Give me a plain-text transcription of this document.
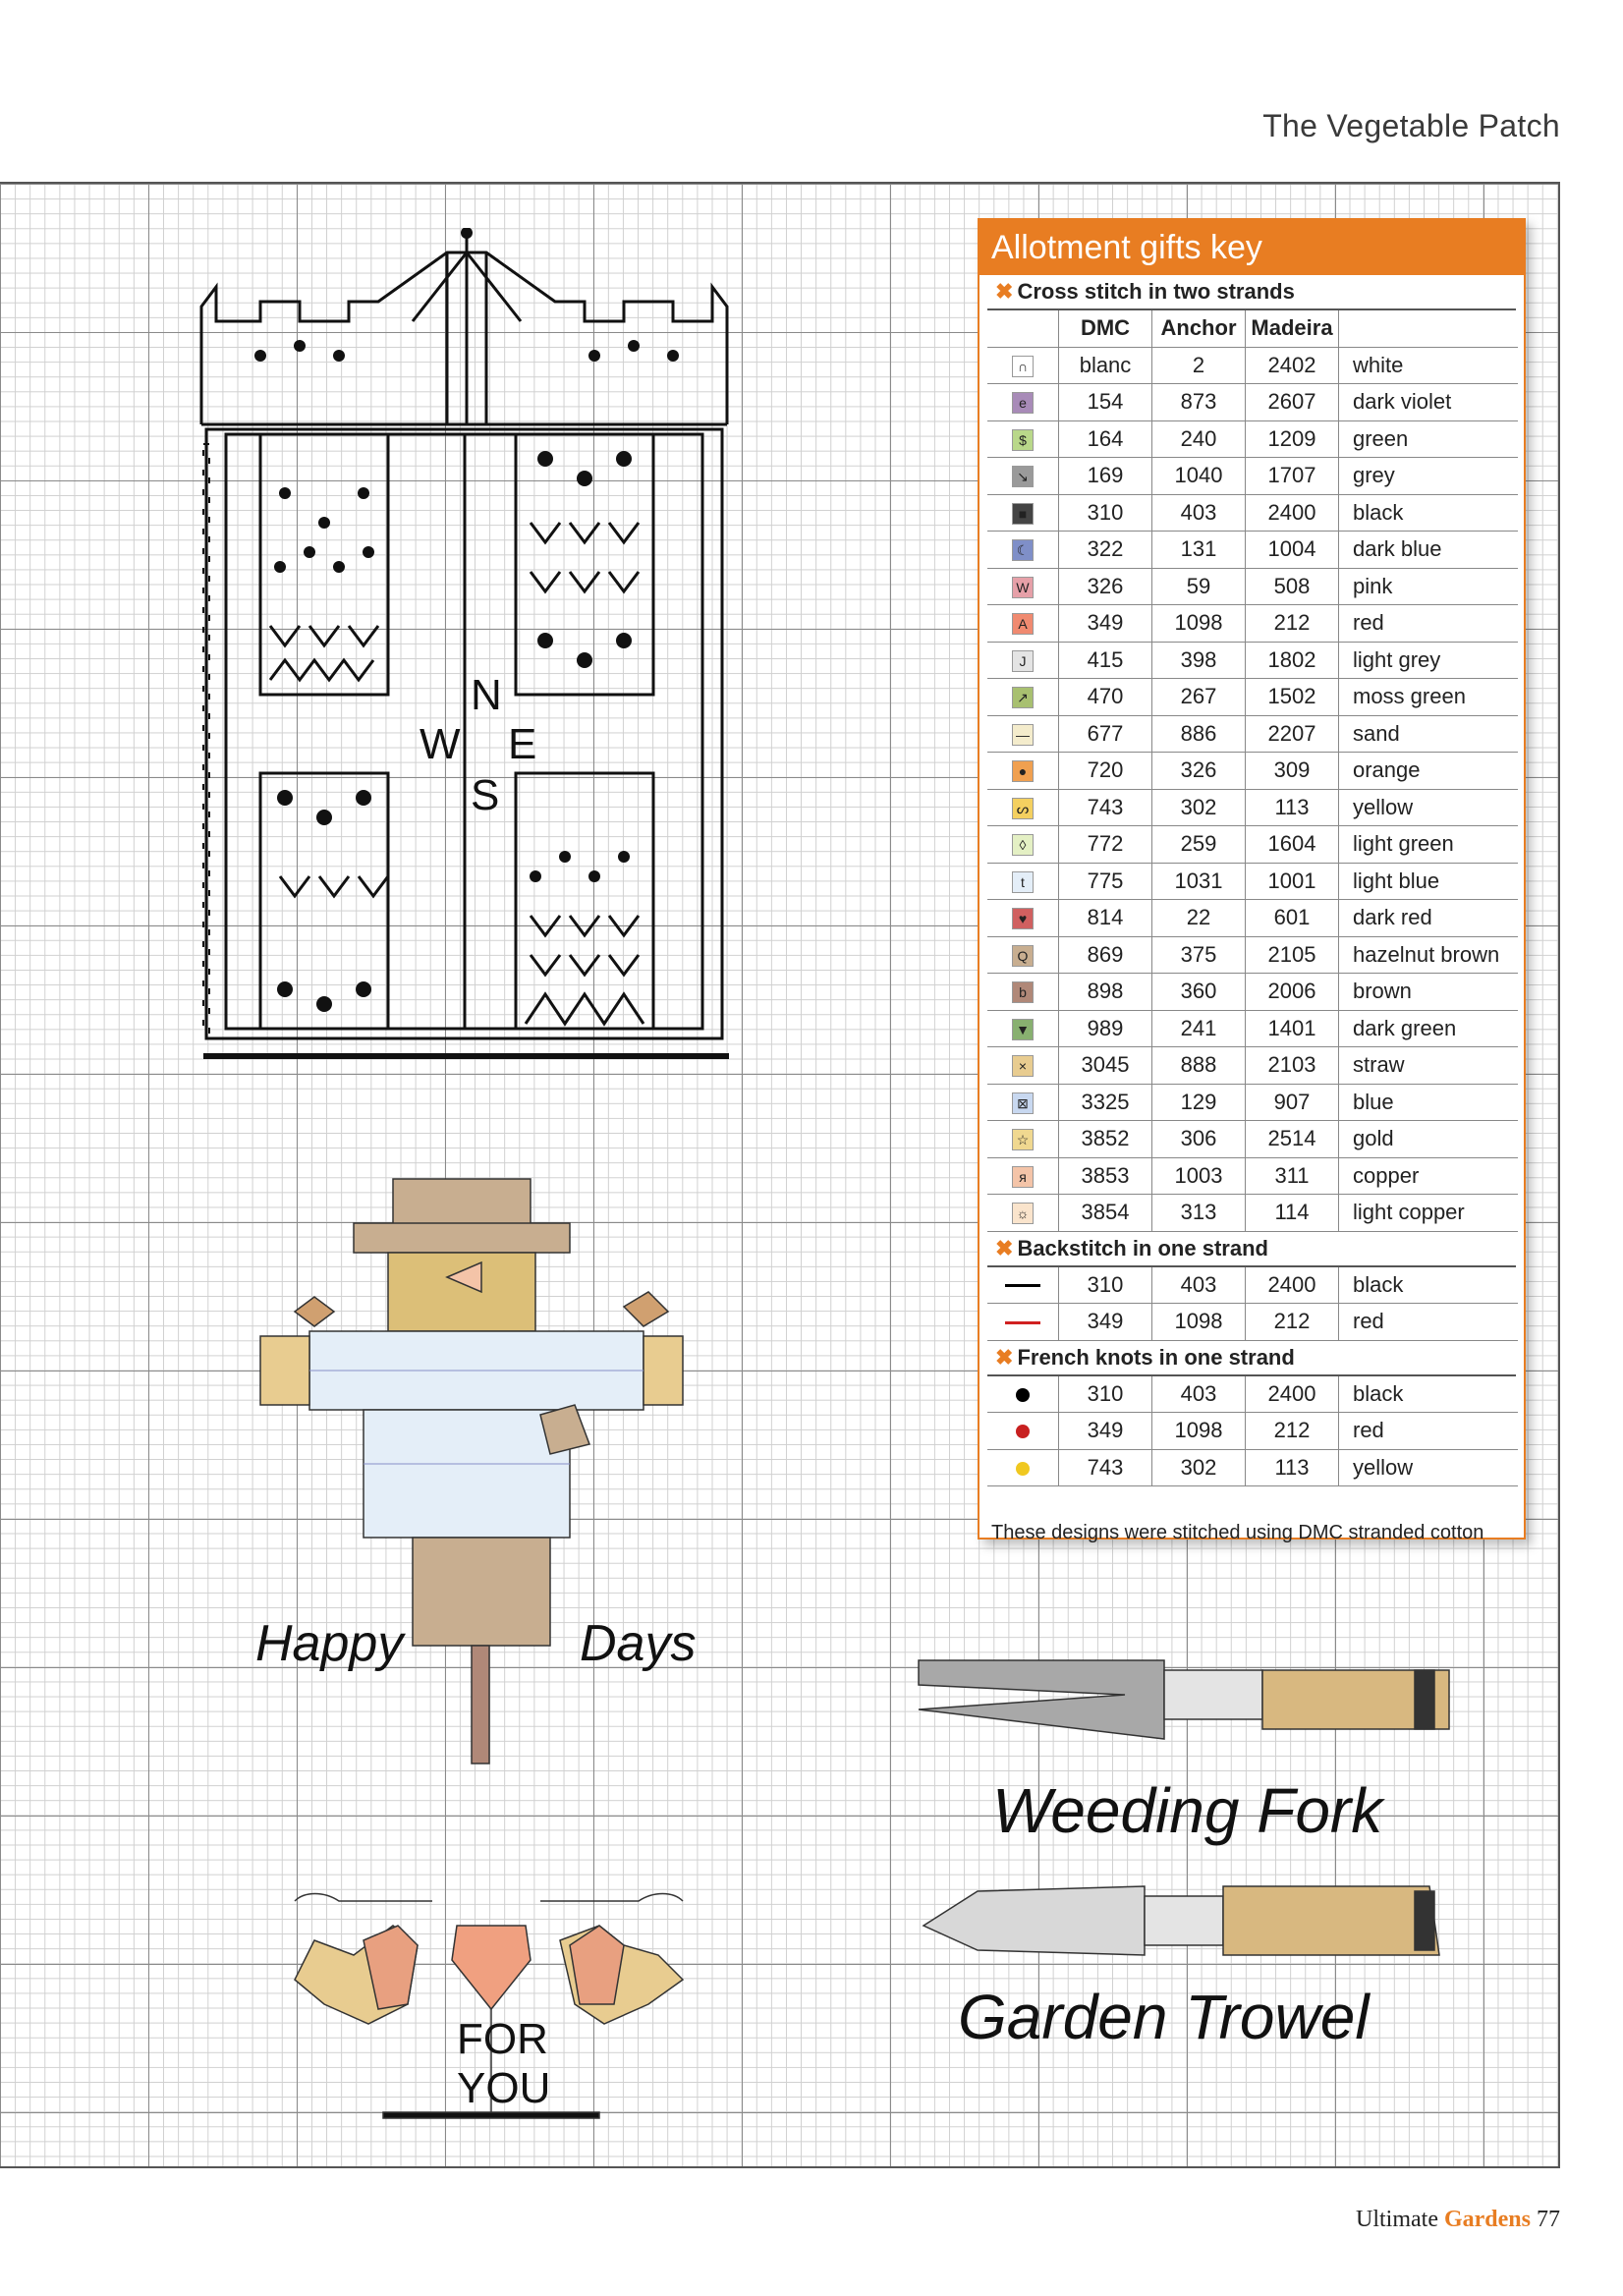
The Vegetable Patch
N
W E
S
Happy	Days
FOR
YOU
Weeding Fork
Garden Trowel
Allotment gifts key
✖ Cross stitch in two strands
	DMC	Anchor	Madeira	
∩	blanc	2	2402	white
e	154	873	2607	dark violet
$	164	240	1209	green
↘	169	1040	1707	grey
■	310	403	2400	black
☾	322	131	1004	dark blue
W	326	59	508	pink
A	349	1098	212	red
J	415	398	1802	light grey
↗	470	267	1502	moss green
—	677	886	2207	sand
●	720	326	309	orange
ᔕ	743	302	113	yellow
◊	772	259	1604	light green
t	775	1031	1001	light blue
♥	814	22	601	dark red
Q	869	375	2105	hazelnut brown
b	898	360	2006	brown
▼	989	241	1401	dark green
×	3045	888	2103	straw
⊠	3325	129	907	blue
☆	3852	306	2514	gold
я	3853	1003	311	copper
☼	3854	313	114	light copper
✖ Backstitch in one strand
	310	403	2400	black
	349	1098	212	red
✖ French knots in one strand
	310	403	2400	black
	349	1098	212	red
	743	302	113	yellow
These designs were stitched using DMC stranded cotton
Ultimate Gardens 77
